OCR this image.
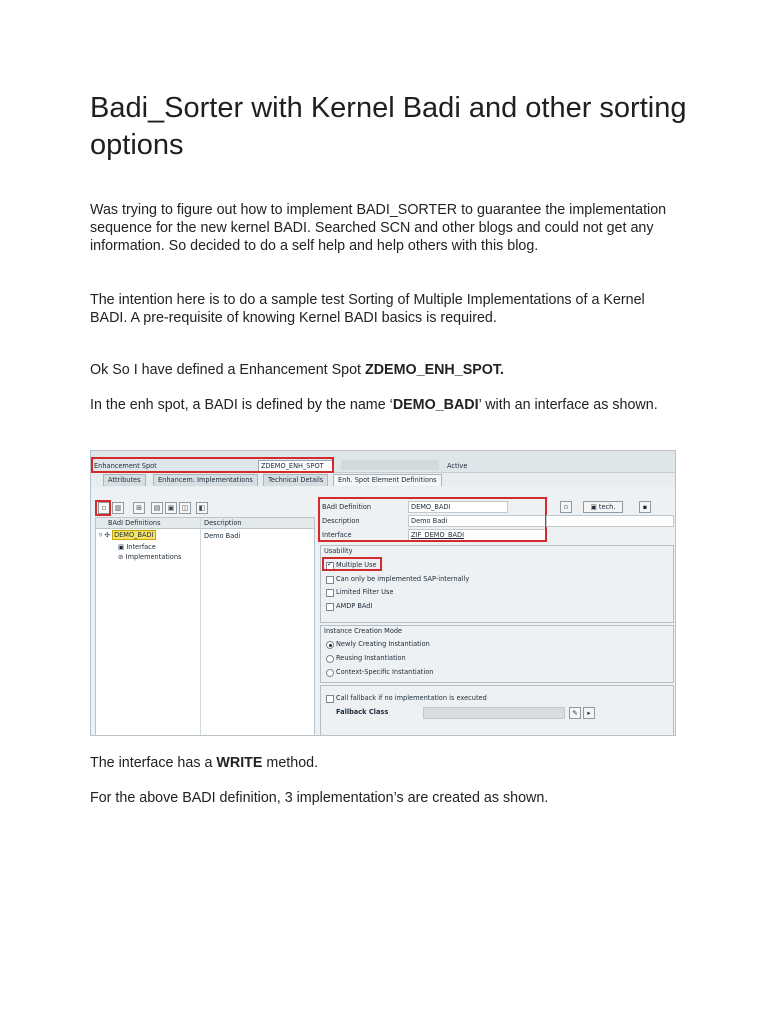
Badi_Sorter with Kernel Badi and other sorting options

Was trying to figure out how to implement BADI_SORTER to guarantee the implementation sequence for the new kernel BADI. Searched SCN and other blogs and could not get any information. So decided to do a self help and help others with this blog.

The intention here is to do a sample test Sorting of Multiple Implementations of a Kernel BADI. A pre-requisite of knowing Kernel BADI basics is required.

Ok So I have defined a Enhancement Spot ZDEMO_ENH_SPOT.

In the enh spot, a BADI is defined by the name ‘DEMO_BADI’ with an interface as shown.

Enhancement Spot	ZDEMO_ENH_SPOT	Active
Attributes	Enhancem. Implementations	Technical Details	Enh. Spot Element Definitions
▫	▥	⊞	▤	▣	◫	◧
BAdI Definitions	Description
▿ ✣ DEMO_BADI	Demo Badi
▣ Interface
⊘ Implementations
BAdI Definition	DEMO_BADI
Description	Demo Badi
Interface	ZIF_DEMO_BADI
▫	▣ tech.	▪
Usability
✓
Multiple Use
Can only be implemented SAP-internally
Limited Filter Use
AMDP BAdI
Instance Creation Mode
Newly Creating Instantiation
Reusing Instantiation
Context-Specific Instantiation
Call fallback if no implementation is executed
Fallback Class	✎	▸

The interface has a WRITE method.

For the above BADI definition, 3 implementation’s are created as shown.
